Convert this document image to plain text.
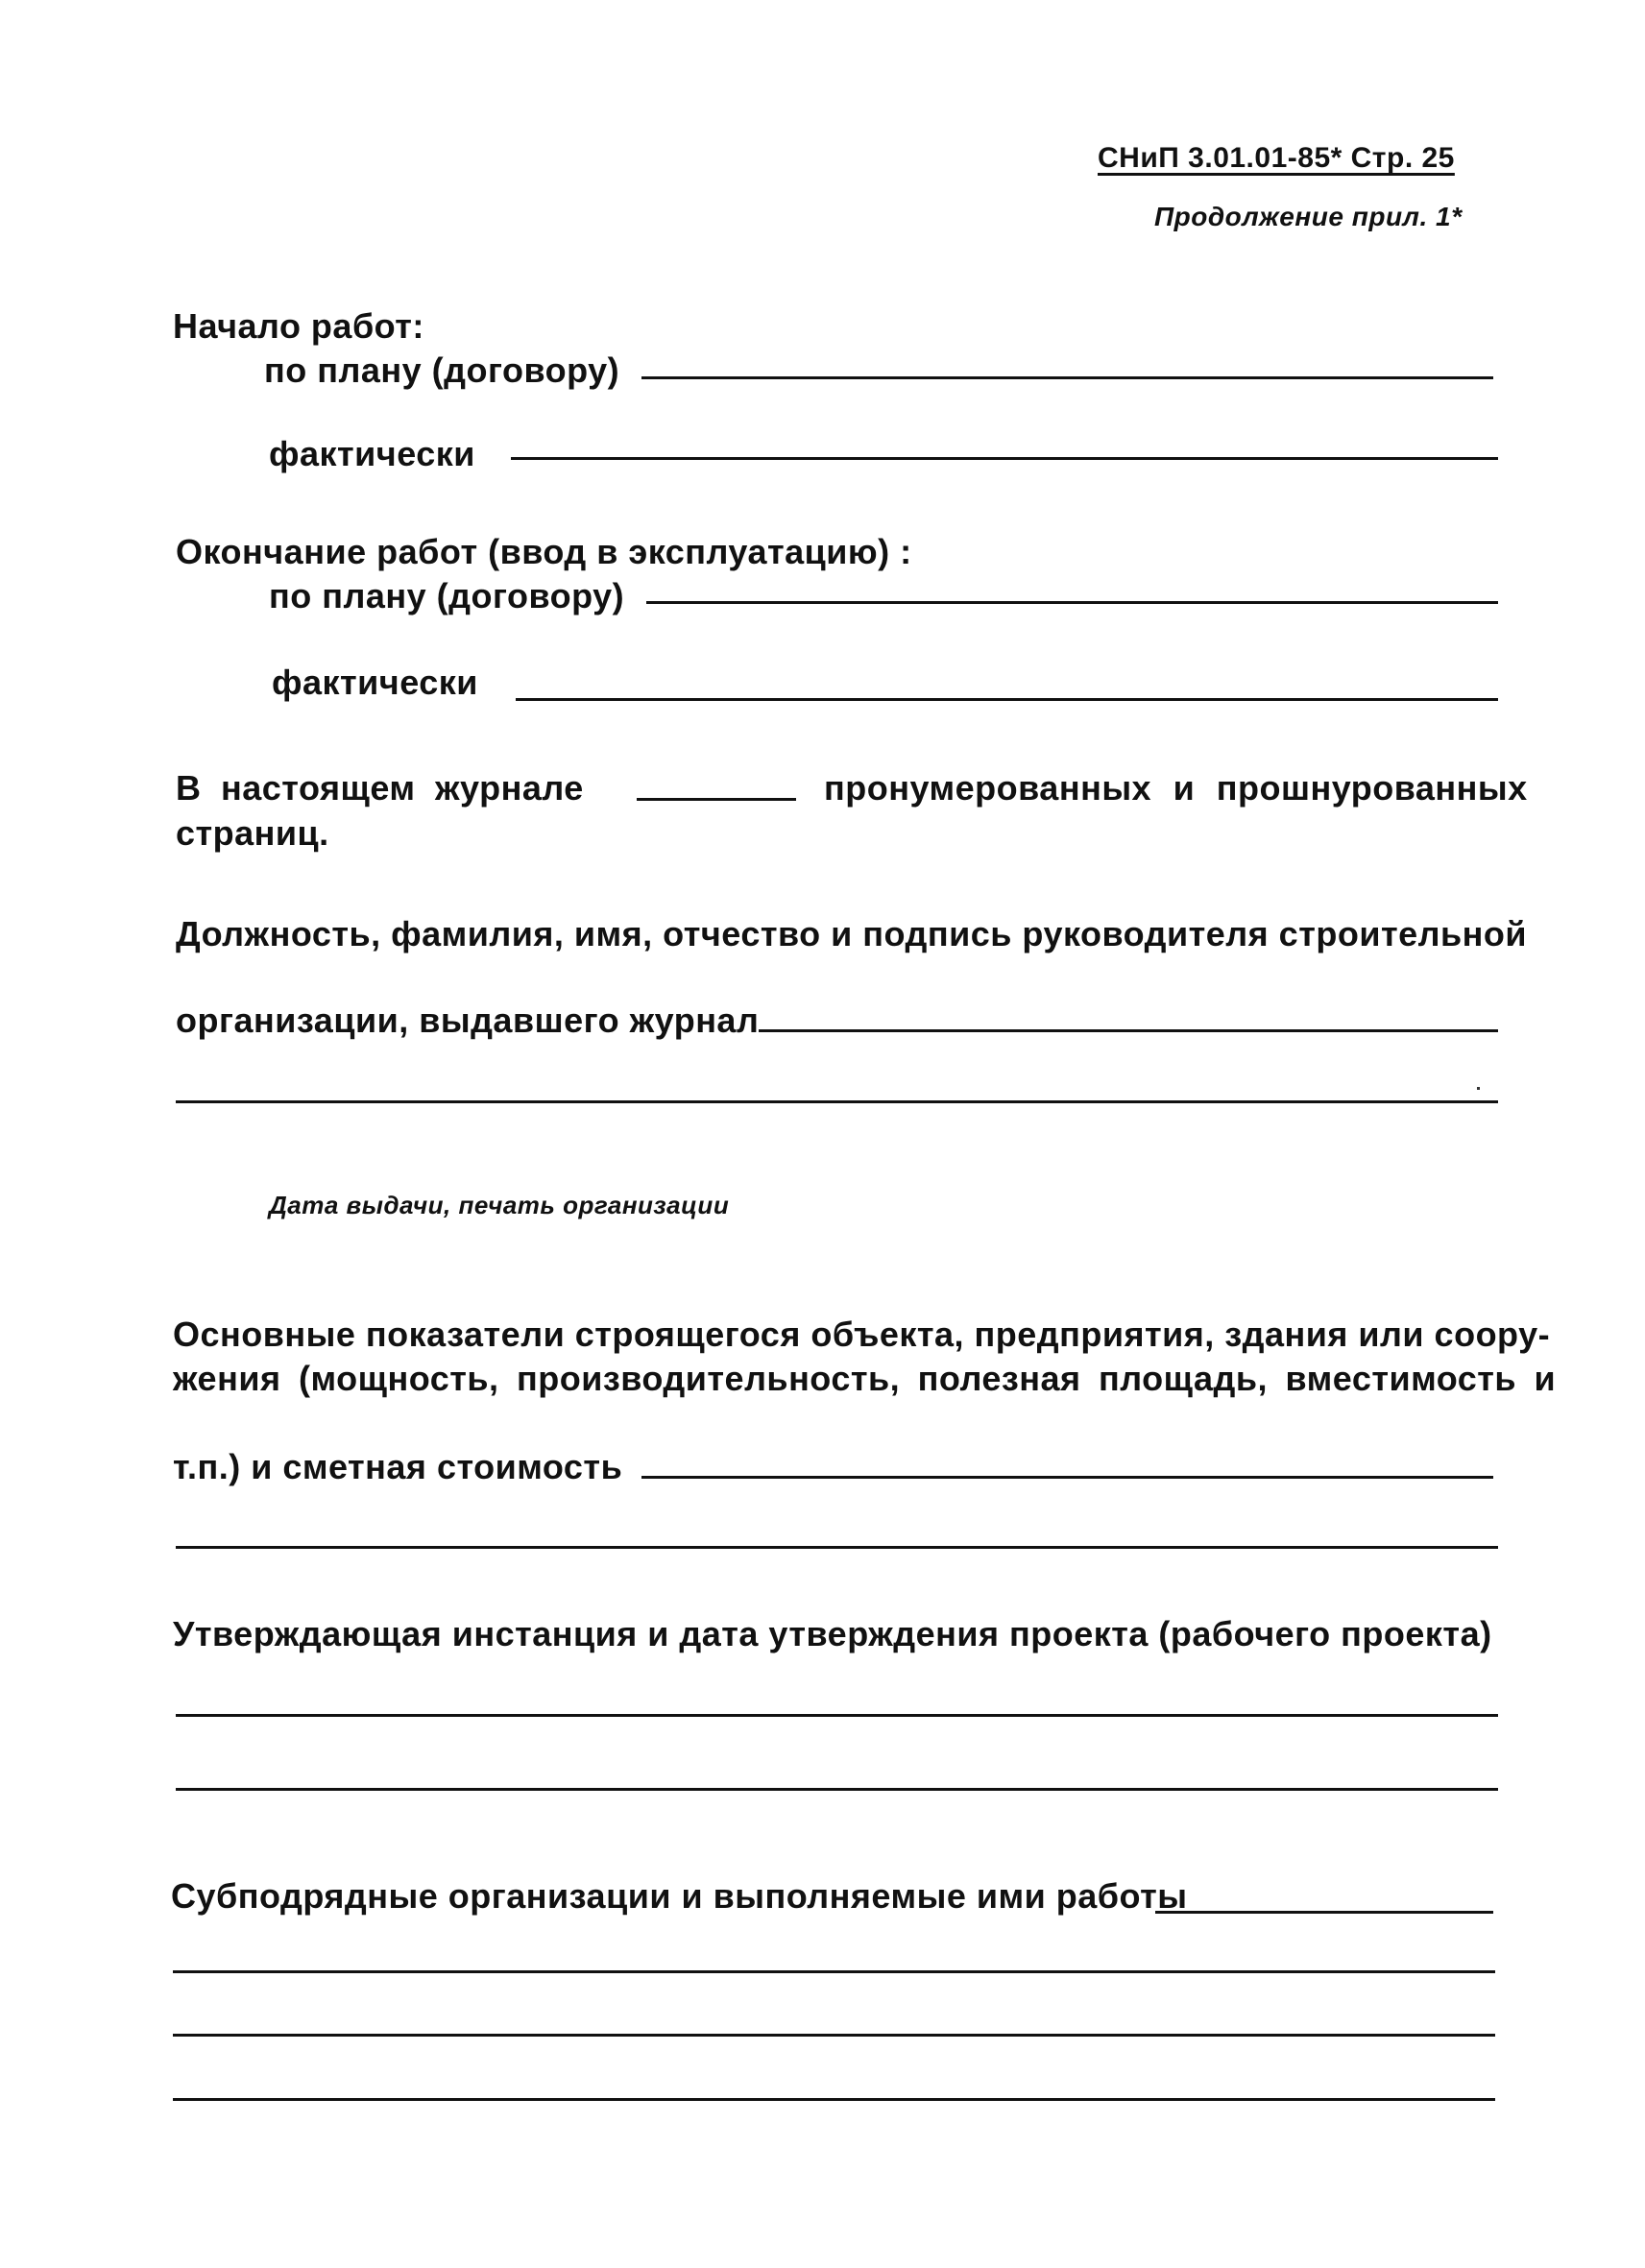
СНиП 3.01.01-85* Стр. 25
Продолжение прил. 1*
Начало работ:
по плану (договору)
фактически
Окончание работ (ввод в эксплуатацию) :
по плану (договору)
фактически
В настоящем журнале	пронумерованных и прошнурованных
страниц.
Должность, фамилия, имя, отчество и подпись руководителя строительной
организации, выдавшего журнал
Дата выдачи, печать организации
Основные показатели строящегося объекта, предприятия, здания или соору-
жения (мощность, производительность, полезная площадь, вместимость и
т.п.) и сметная стоимость
Утверждающая инстанция и дата утверждения проекта (рабочего проекта)
Субподрядные организации и выполняемые ими работы
